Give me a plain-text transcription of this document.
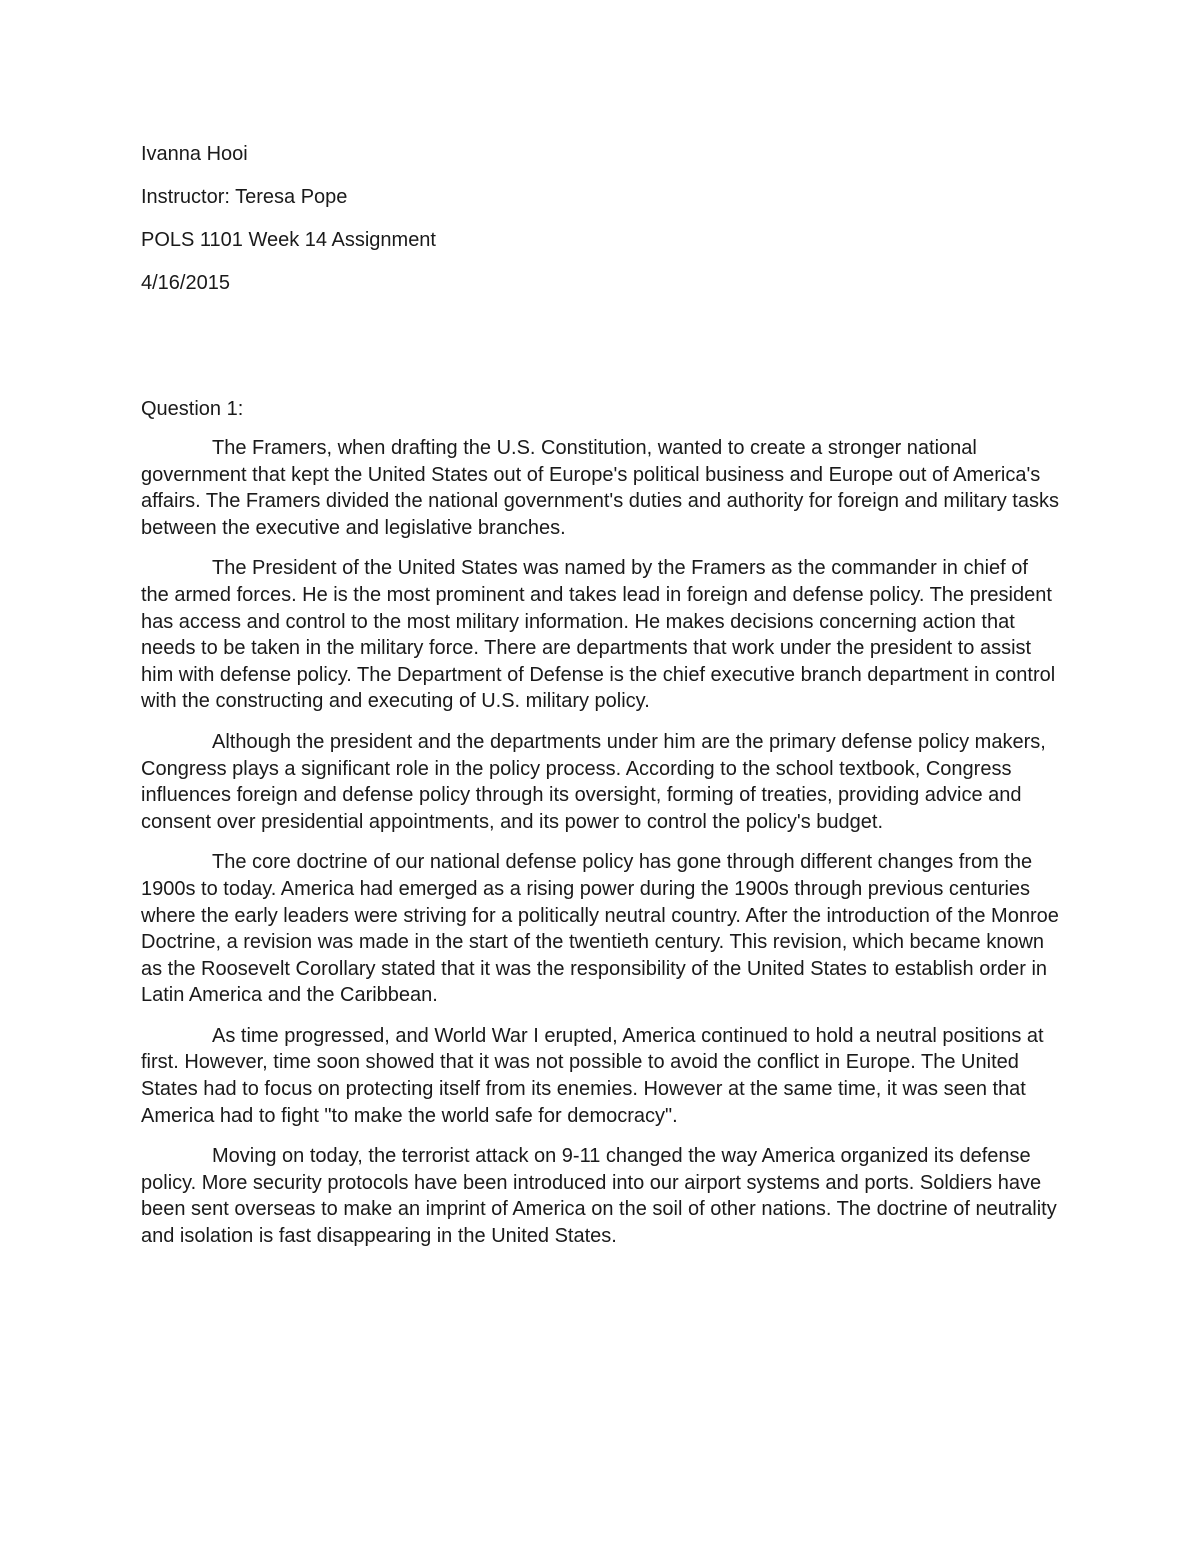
Ivanna Hooi
Instructor: Teresa Pope
POLS 1101 Week 14 Assignment
4/16/2015
Question 1:

The Framers, when drafting the U.S. Constitution, wanted to create a stronger national government that kept the United States out of Europe's political business and Europe out of America's affairs. The Framers divided the national government's duties and authority for foreign and military tasks between the executive and legislative branches.

The President of the United States was named by the Framers as the commander in chief of the armed forces. He is the most prominent and takes lead in foreign and defense policy. The president has access and control to the most military information. He makes decisions concerning action that needs to be taken in the military force. There are departments that work under the president to assist him with defense policy. The Department of Defense is the chief executive branch department in control with the constructing and executing of U.S. military policy.

Although the president and the departments under him are the primary defense policy makers, Congress plays a significant role in the policy process. According to the school textbook, Congress influences foreign and defense policy through its oversight, forming of treaties, providing advice and consent over presidential appointments, and its power to control the policy's budget.

The core doctrine of our national defense policy has gone through different changes from the 1900s to today. America had emerged as a rising power during the 1900s through previous centuries where the early leaders were striving for a politically neutral country. After the introduction of the Monroe Doctrine, a revision was made in the start of the twentieth century. This revision, which became known as the Roosevelt Corollary stated that it was the responsibility of the United States to establish order in Latin America and the Caribbean.

As time progressed, and World War I erupted, America continued to hold a neutral positions at first. However, time soon showed that it was not possible to avoid the conflict in Europe. The United States had to focus on protecting itself from its enemies. However at the same time, it was seen that America had to fight "to make the world safe for democracy".

Moving on today, the terrorist attack on 9-11 changed the way America organized its defense policy. More security protocols have been introduced into our airport systems and ports. Soldiers have been sent overseas to make an imprint of America on the soil of other nations. The doctrine of neutrality and isolation is fast disappearing in the United States.
